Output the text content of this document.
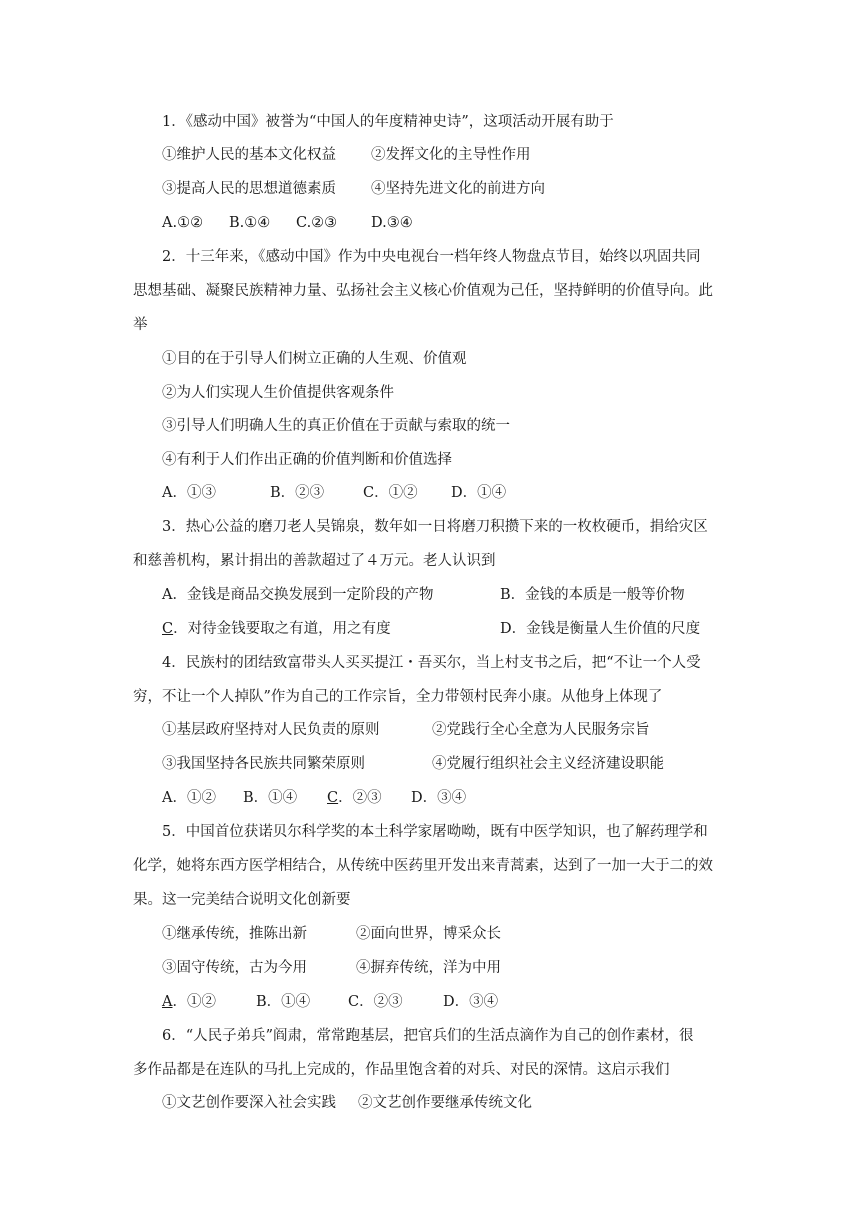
1．《感动中国》被誉为“中国人的年度精神史诗”，这项活动开展有助于
①维护人民的基本文化权益 ②发挥文化的主导性作用
③提高人民的思想道德素质 ④坚持先进文化的前进方向
A.①② B.①④ C.②③ D.③④
2．十三年来，《感动中国》作为中央电视台一档年终人物盘点节目，始终以巩固共同
思想基础、凝聚民族精神力量、弘扬社会主义核心价值观为己任，坚持鲜明的价值导向。此
举
①目的在于引导人们树立正确的人生观、价值观
②为人们实现人生价值提供客观条件
③引导人们明确人生的真正价值在于贡献与索取的统一
④有利于人们作出正确的价值判断和价值选择
A．①③	B．②③	C．①② D．①④
3．热心公益的磨刀老人吴锦泉，数年如一日将磨刀积攒下来的一枚枚硬币，捐给灾区
和慈善机构，累计捐出的善款超过了４万元。老人认识到
A．金钱是商品交换发展到一定阶段的产物	B．金钱的本质是一般等价物
C．对待金钱要取之有道，用之有度	D．金钱是衡量人生价值的尺度
4．民族村的团结致富带头人买买提江・吾买尔，当上村支书之后，把“不让一个人受
穷，不让一个人掉队”作为自己的工作宗旨，全力带领村民奔小康。从他身上体现了
①基层政府坚持对人民负责的原则	②党践行全心全意为人民服务宗旨
③我国坚持各民族共同繁荣原则	④党履行组织社会主义经济建设职能
A．①② B．①④ C．②③ D．③④
5．中国首位获诺贝尔科学奖的本土科学家屠呦呦，既有中医学知识，也了解药理学和
化学，她将东西方医学相结合，从传统中医药里开发出来青蒿素，达到了一加一大于二的效
果。这一完美结合说明文化创新要
①继承传统，推陈出新	②面向世界，博采众长
③固守传统，古为今用	④摒弃传统，洋为中用
A．①②	B．①④	C．②③	D．③④
6．“人民子弟兵”阎肃，常常跑基层，把官兵们的生活点滴作为自己的创作素材，很
多作品都是在连队的马扎上完成的，作品里饱含着的对兵、对民的深情。这启示我们
①文艺创作要深入社会实践 ②文艺创作要继承传统文化
